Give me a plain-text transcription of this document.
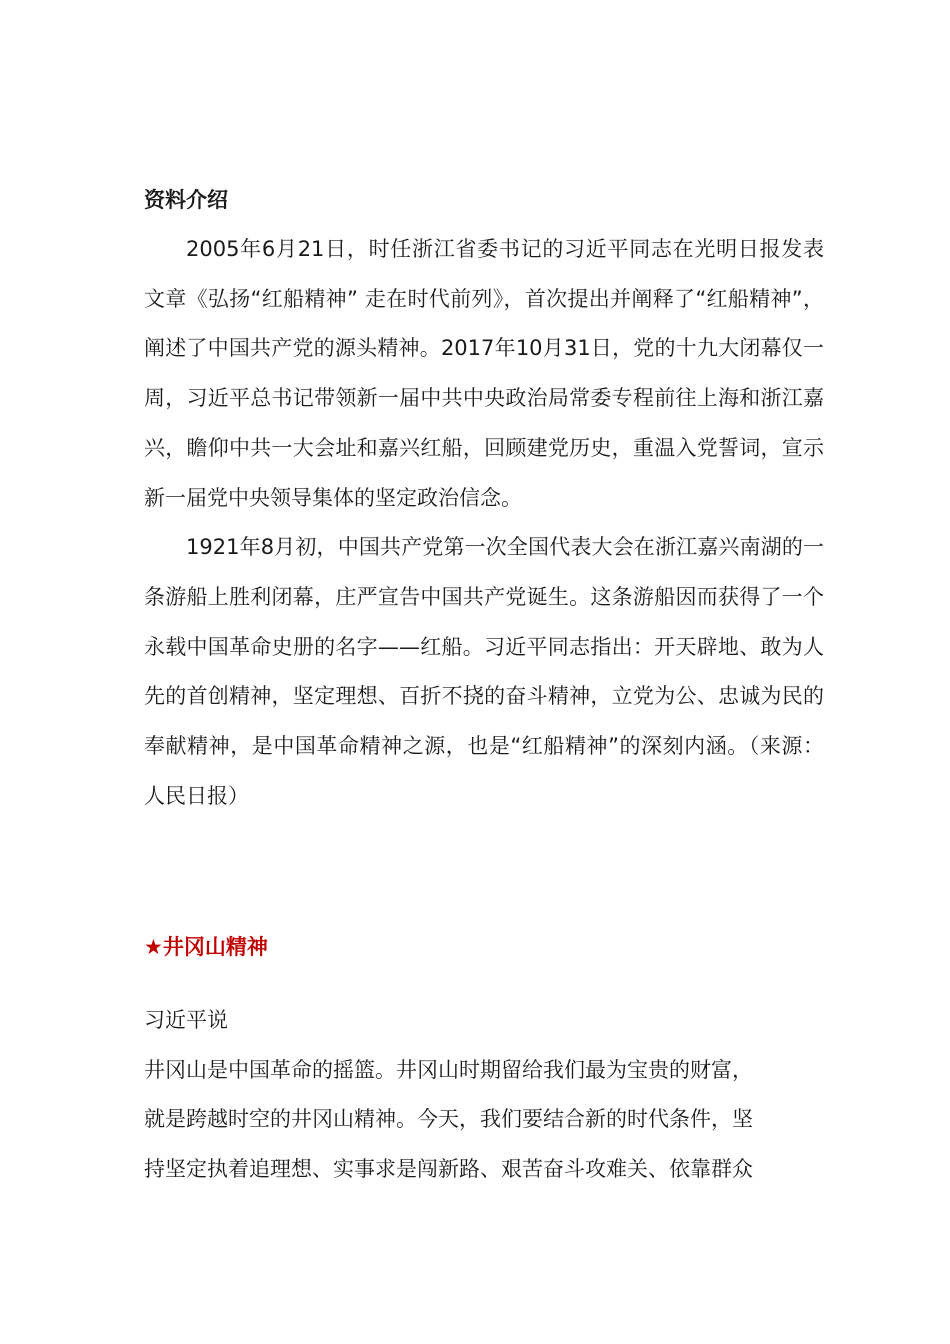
资料介绍

2005年6月21日，时任浙江省委书记的习近平同志在光明日报发表文章《弘扬“红船精神” 走在时代前列》，首次提出并阐释了“红船精神”，阐述了中国共产党的源头精神。2017年10月31日，党的十九大闭幕仅一周，习近平总书记带领新一届中共中央政治局常委专程前往上海和浙江嘉兴，瞻仰中共一大会址和嘉兴红船，回顾建党历史，重温入党誓词，宣示新一届党中央领导集体的坚定政治信念。

1921年8月初，中国共产党第一次全国代表大会在浙江嘉兴南湖的一条游船上胜利闭幕，庄严宣告中国共产党诞生。这条游船因而获得了一个永载中国革命史册的名字——红船。习近平同志指出：开天辟地、敢为人先的首创精神，坚定理想、百折不挠的奋斗精神，立党为公、忠诚为民的奉献精神，是中国革命精神之源，也是“红船精神”的深刻内涵。（来源：人民日报）

★井冈山精神

习近平说

井冈山是中国革命的摇篮。井冈山时期留给我们最为宝贵的财富，

就是跨越时空的井冈山精神。今天，我们要结合新的时代条件，坚

持坚定执着追理想、实事求是闯新路、艰苦奋斗攻难关、依靠群众
